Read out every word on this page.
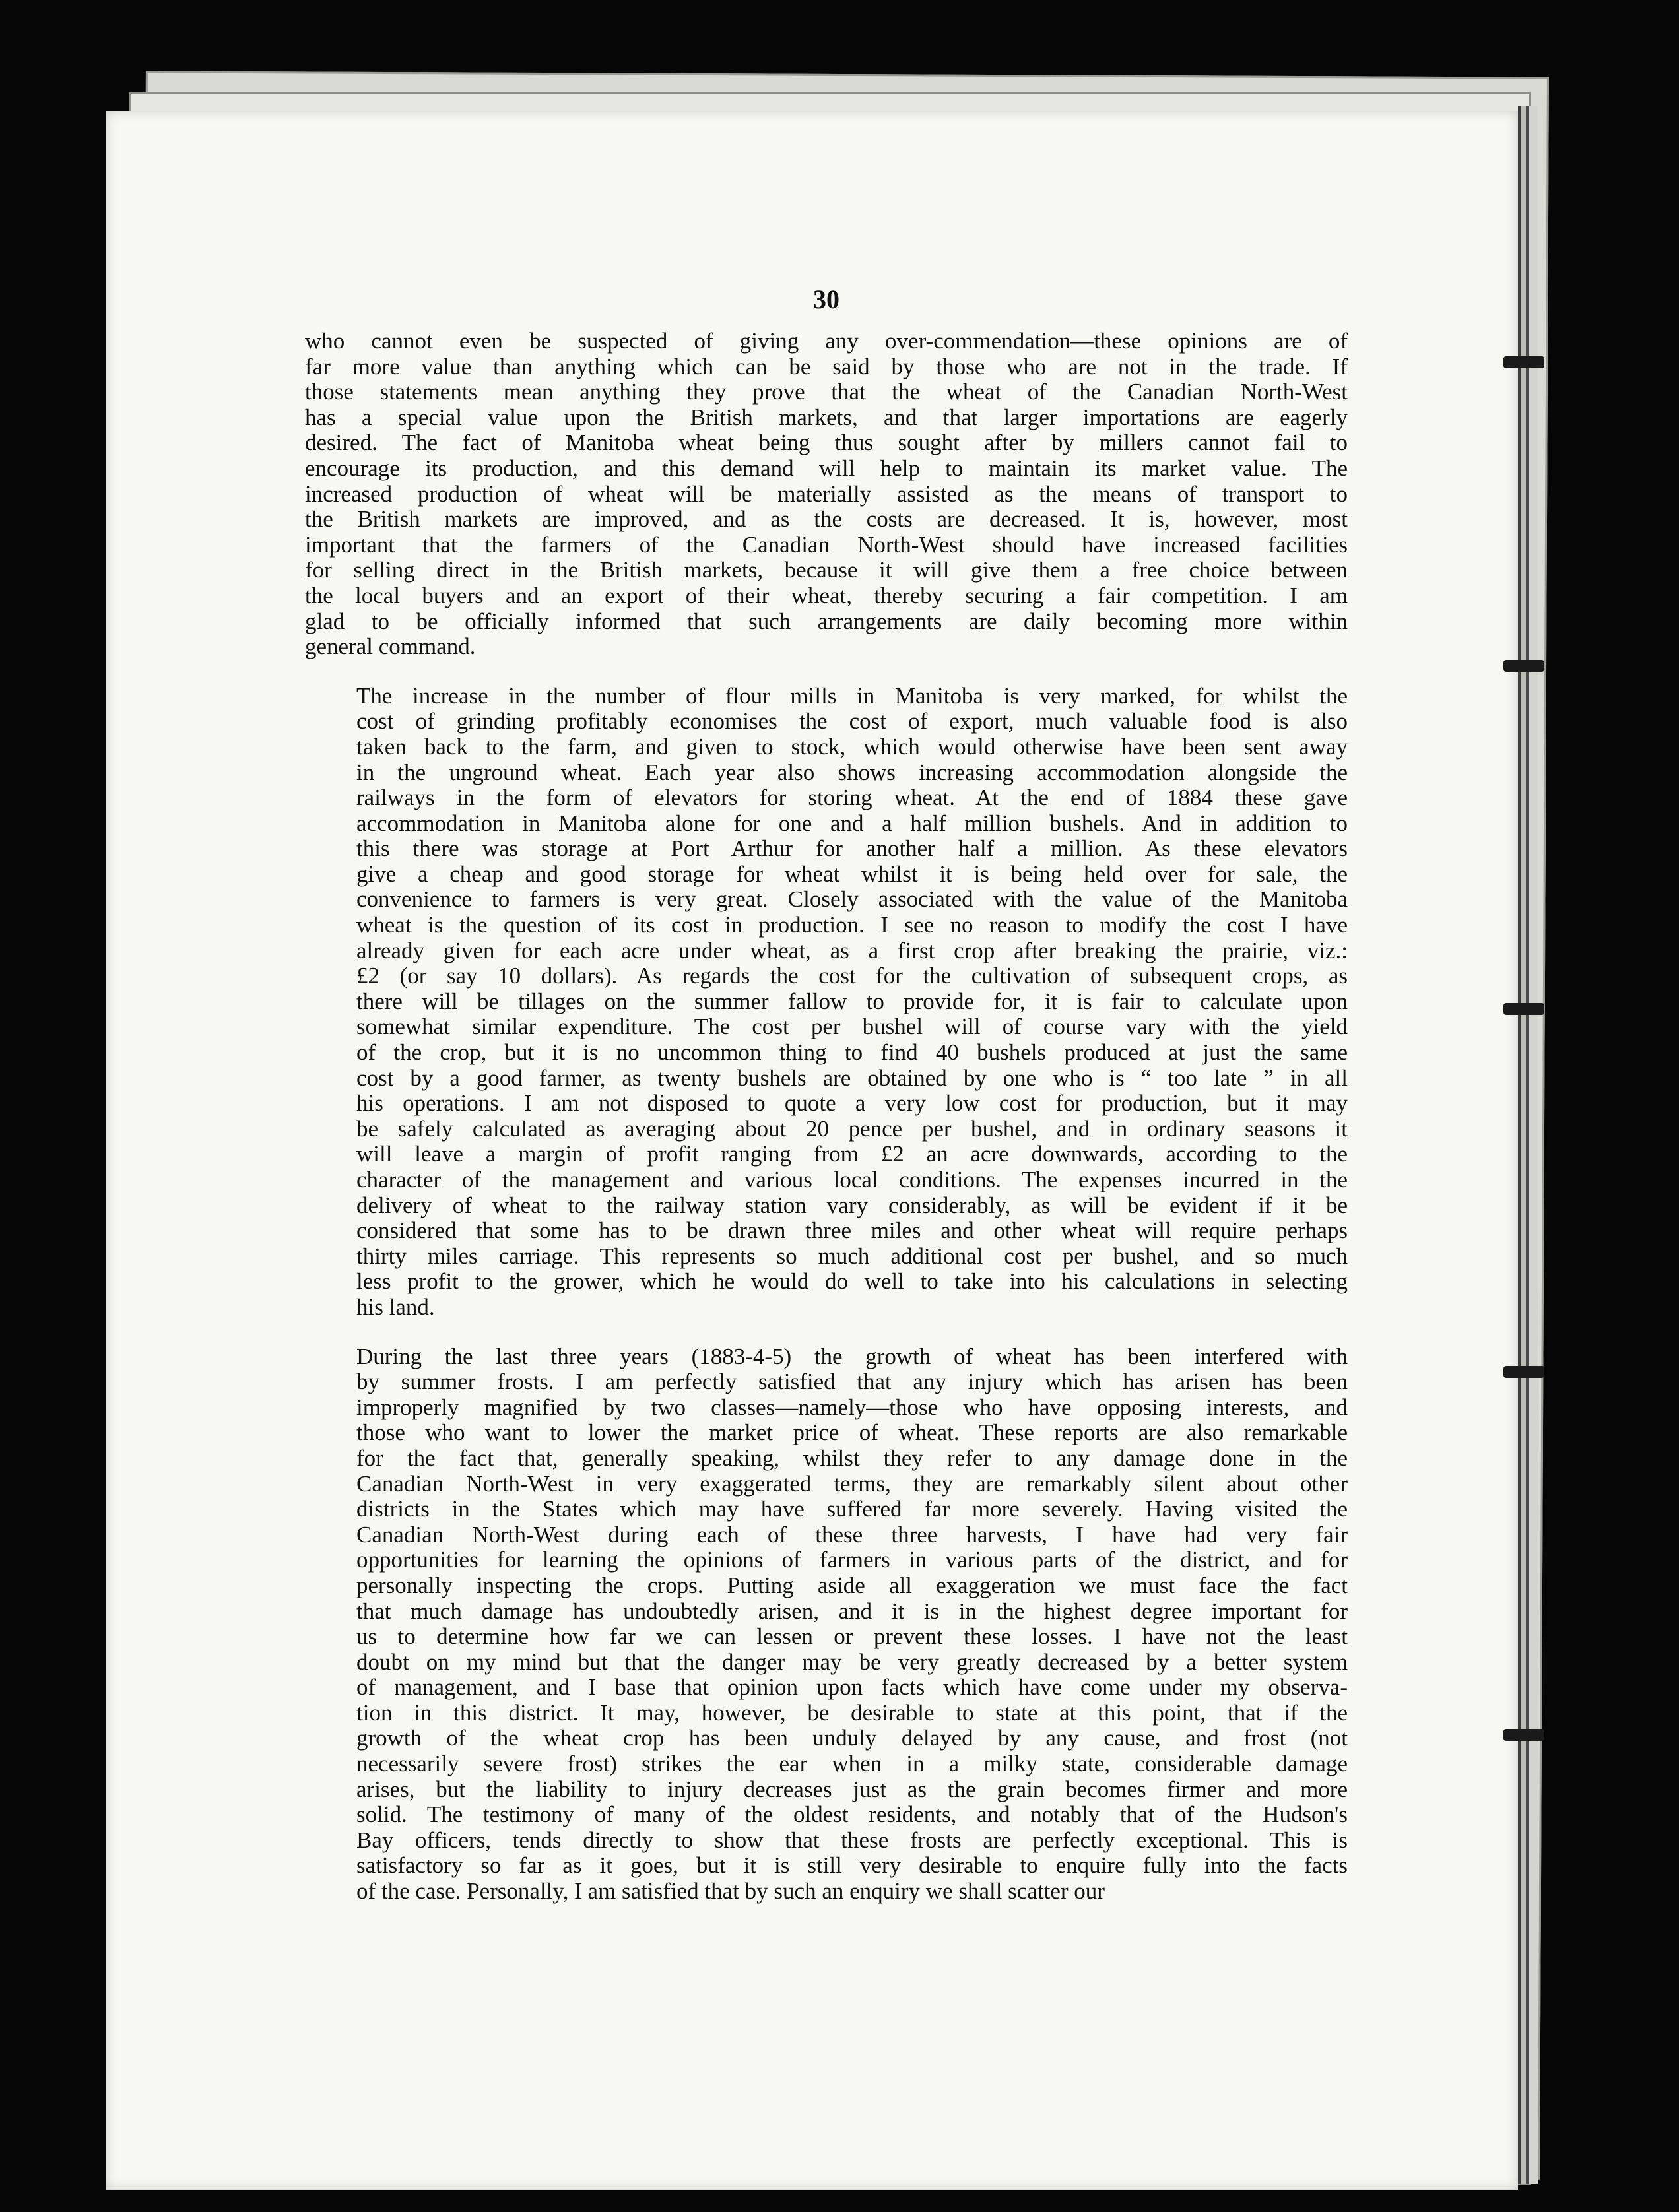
30
who cannot even be suspected of giving any over-commendation—these opinions are of
far more value than anything which can be said by those who are not in the trade. If
those statements mean anything they prove that the wheat of the Canadian North-West
has a special value upon the British markets, and that larger importations are eagerly
desired. The fact of Manitoba wheat being thus sought after by millers cannot fail to
encourage its production, and this demand will help to maintain its market value. The
increased production of wheat will be materially assisted as the means of transport to
the British markets are improved, and as the costs are decreased. It is, however, most
important that the farmers of the Canadian North-West should have increased facilities
for selling direct in the British markets, because it will give them a free choice between
the local buyers and an export of their wheat, thereby securing a fair competition. I am
glad to be officially informed that such arrangements are daily becoming more within
general command.
The increase in the number of flour mills in Manitoba is very marked, for whilst the
cost of grinding profitably economises the cost of export, much valuable food is also
taken back to the farm, and given to stock, which would otherwise have been sent away
in the unground wheat. Each year also shows increasing accommodation alongside the
railways in the form of elevators for storing wheat. At the end of 1884 these gave
accommodation in Manitoba alone for one and a half million bushels. And in addition to
this there was storage at Port Arthur for another half a million. As these elevators
give a cheap and good storage for wheat whilst it is being held over for sale, the
convenience to farmers is very great. Closely associated with the value of the Manitoba
wheat is the question of its cost in production. I see no reason to modify the cost I have
already given for each acre under wheat, as a first crop after breaking the prairie, viz.:
£2 (or say 10 dollars). As regards the cost for the cultivation of subsequent crops, as
there will be tillages on the summer fallow to provide for, it is fair to calculate upon
somewhat similar expenditure. The cost per bushel will of course vary with the yield
of the crop, but it is no uncommon thing to find 40 bushels produced at just the same
cost by a good farmer, as twenty bushels are obtained by one who is “ too late ” in all
his operations. I am not disposed to quote a very low cost for production, but it may
be safely calculated as averaging about 20 pence per bushel, and in ordinary seasons it
will leave a margin of profit ranging from £2 an acre downwards, according to the
character of the management and various local conditions. The expenses incurred in the
delivery of wheat to the railway station vary considerably, as will be evident if it be
considered that some has to be drawn three miles and other wheat will require perhaps
thirty miles carriage. This represents so much additional cost per bushel, and so much
less profit to the grower, which he would do well to take into his calculations in selecting
his land.
During the last three years (1883-4-5) the growth of wheat has been interfered with
by summer frosts. I am perfectly satisfied that any injury which has arisen has been
improperly magnified by two classes—namely—those who have opposing interests, and
those who want to lower the market price of wheat. These reports are also remarkable
for the fact that, generally speaking, whilst they refer to any damage done in the
Canadian North-West in very exaggerated terms, they are remarkably silent about other
districts in the States which may have suffered far more severely. Having visited the
Canadian North-West during each of these three harvests, I have had very fair
opportunities for learning the opinions of farmers in various parts of the district, and for
personally inspecting the crops. Putting aside all exaggeration we must face the fact
that much damage has undoubtedly arisen, and it is in the highest degree important for
us to determine how far we can lessen or prevent these losses. I have not the least
doubt on my mind but that the danger may be very greatly decreased by a better system
of management, and I base that opinion upon facts which have come under my observa-
tion in this district. It may, however, be desirable to state at this point, that if the
growth of the wheat crop has been unduly delayed by any cause, and frost (not
necessarily severe frost) strikes the ear when in a milky state, considerable damage
arises, but the liability to injury decreases just as the grain becomes firmer and more
solid. The testimony of many of the oldest residents, and notably that of the Hudson's
Bay officers, tends directly to show that these frosts are perfectly exceptional. This is
satisfactory so far as it goes, but it is still very desirable to enquire fully into the facts
of the case. Personally, I am satisfied that by such an enquiry we shall scatter our
